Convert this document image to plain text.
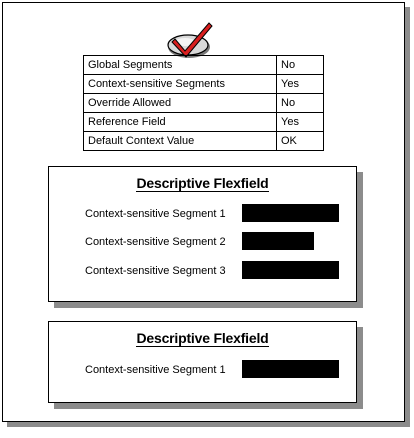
Global Segments	No
Context-sensitive Segments	Yes
Override Allowed	No
Reference Field	Yes
Default Context Value	OK
Descriptive Flexfield
Context-sensitive Segment 1
Context-sensitive Segment 2
Context-sensitive Segment 3
Descriptive Flexfield
Context-sensitive Segment 1
